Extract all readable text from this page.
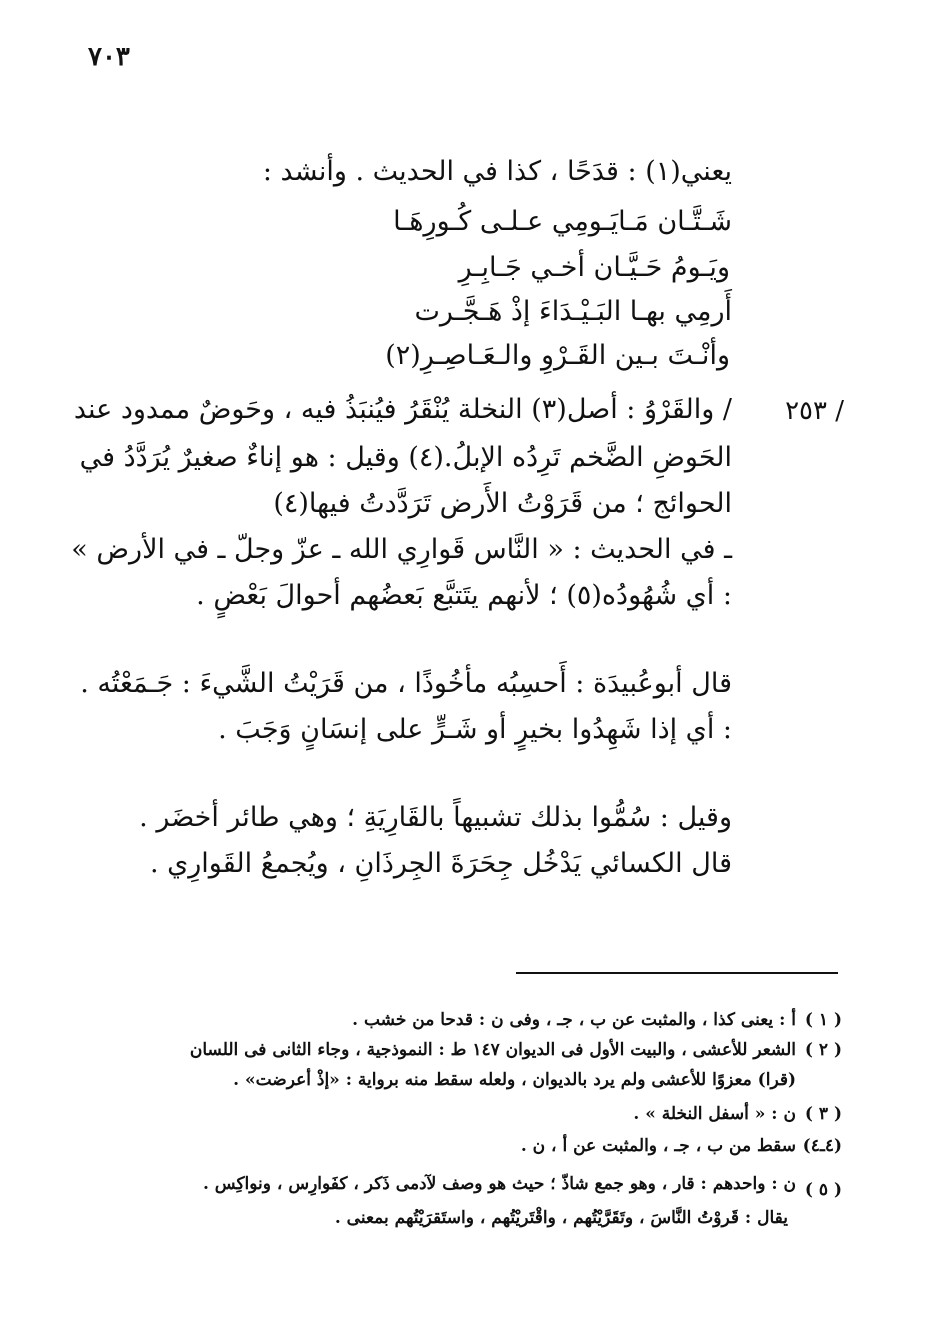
٧٠٣
يعني(١) : قدَحًا ، كذا في الحديث . وأنشد :
شَـتَّـان مَـايَـومِي عـلـى كُـورِهَـا
ويَـومُ حَـيَّـان أخـي جَـابِـرِ
أَرمِي بهـا البَـيْـدَاءَ إذْ هَـجَّـرت
وأنْـتَ بـين القَـرْوِ والـعَـاصِـرِ(٢)
٢٥٣ /
/ والقَرْوُ : أصل(٣) النخلة يُنْقَرُ فيُنبَذُ فيه ، وحَوضٌ ممدود عند
الحَوضِ الضَّخم تَرِدُه الإبلُ.(٤) وقيل : هو إناءٌ صغيرٌ يُرَدَّدُ في
الحوائج ؛ من قَرَوْتُ الأَرض تَرَدَّدتُ فيها(٤)
ـ في الحديث : « النَّاس قَوارِي الله ـ عزّ وجلّ ـ في الأرض »
: أي شُهُودُه(٥) ؛ لأنهم يتَتبَّع بَعضُهم أحوالَ بَعْضٍ .
قال أبوعُبيدَة : أَحسِبُه مأخُوذًا ، من قَرَيْتُ الشَّيءَ : جَـمَعْتُه .
: أي إذا شَهِدُوا بخيرٍ أو شَـرٍّ على إنسَانٍ وَجَبَ .
وقيل : سُمُّوا بذلك تشبيهاً بالقَارِيَةِ ؛ وهي طائر أخضَر .
قال الكسائي يَدْخُل جِحَرَةَ الجِرذَانِ ، ويُجمعُ القَوارِي .
( ١ )
أ : يعنى كذا ، والمثبت عن ب ، جـ ، وفى ن : قدحا من خشب .
( ٢ )
الشعر للأعشى ، والبيت الأول فى الديوان ١٤٧ ط : النموذجية ، وجاء الثانى فى اللسان
(قرا) معزوًا للأعشى ولم يرد بالديوان ، ولعله سقط منه برواية : «إذْ أعرضت» .
( ٣ )
ن : « أسفل النخلة » .
(٤ـ٤)
سقط من ب ، جـ ، والمثبت عن أ ، ن .
( ٥ )
ن : واحدهم : قار ، وهو جمع شاذّ ؛ حيث هو وصف لآدمى ذَكر ، كفَوارِس ، ونواكِس .
يقال : قَروْتُ النَّاسَ ، وتَقَرَّيْتُهم ، واقْتَريْتُهم ، واستَقرَيْتُهم بمعنى .
